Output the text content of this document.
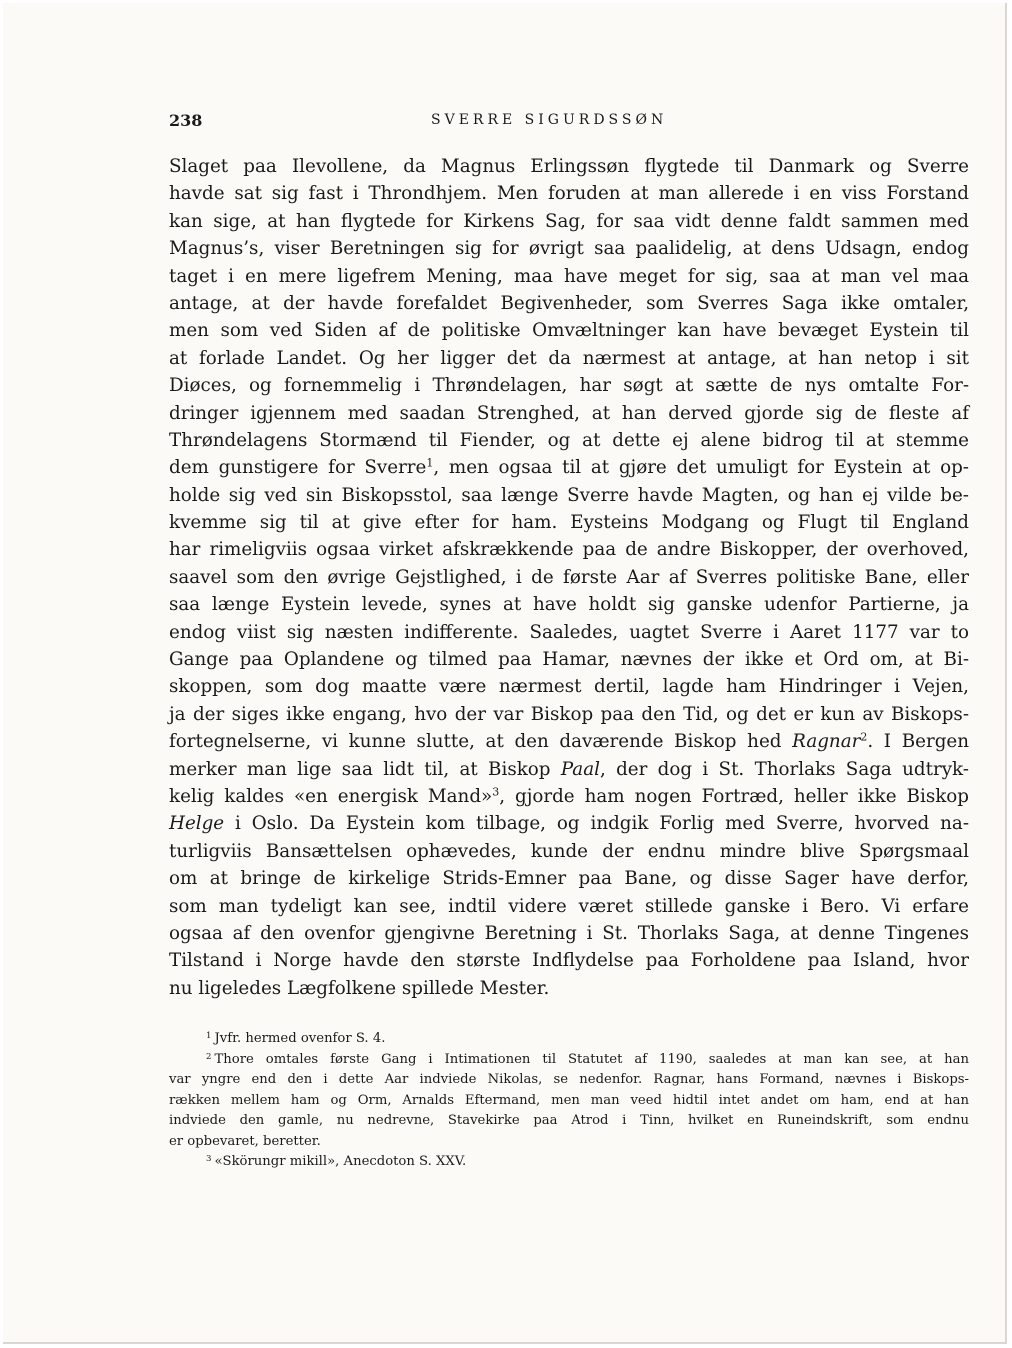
238	SVERRE SIGURDSSØN
Slaget paa Ilevollene, da Magnus Erlingssøn flygtede til Danmark og Sverre
havde sat sig fast i Throndhjem. Men foruden at man allerede i en viss Forstand
kan sige, at han flygtede for Kirkens Sag, for saa vidt denne faldt sammen med
Magnus’s, viser Beretningen sig for øvrigt saa paalidelig, at dens Udsagn, endog
taget i en mere ligefrem Mening, maa have meget for sig, saa at man vel maa
antage, at der havde forefaldet Begivenheder, som Sverres Saga ikke omtaler,
men som ved Siden af de politiske Omvæltninger kan have bevæget Eystein til
at forlade Landet. Og her ligger det da nærmest at antage, at han netop i sit
Diøces, og fornemmelig i Thrøndelagen, har søgt at sætte de nys omtalte For-
dringer igjennem med saadan Strenghed, at han derved gjorde sig de fleste af
Thrøndelagens Stormænd til Fiender, og at dette ej alene bidrog til at stemme
dem gunstigere for Sverre$^1$, men ogsaa til at gjøre det umuligt for Eystein at op-
holde sig ved sin Biskopsstol, saa længe Sverre havde Magten, og han ej vilde be-
kvemme sig til at give efter for ham. Eysteins Modgang og Flugt til England
har rimeligviis ogsaa virket afskrækkende paa de andre Biskopper, der overhoved,
saavel som den øvrige Gejstlighed, i de første Aar af Sverres politiske Bane, eller
saa længe Eystein levede, synes at have holdt sig ganske udenfor Partierne, ja
endog viist sig næsten indifferente. Saaledes, uagtet Sverre i Aaret 1177 var to
Gange paa Oplandene og tilmed paa Hamar, nævnes der ikke et Ord om, at Bi-
skoppen, som dog maatte være nærmest dertil, lagde ham Hindringer i Vejen,
ja der siges ikke engang, hvo der var Biskop paa den Tid, og det er kun av Biskops-
fortegnelserne, vi kunne slutte, at den daværende Biskop hed Ragnar$^2$. I Bergen
merker man lige saa lidt til, at Biskop Paal, der dog i St. Thorlaks Saga udtryk-
kelig kaldes «en energisk Mand»$^3$, gjorde ham nogen Fortræd, heller ikke Biskop
Helge i Oslo. Da Eystein kom tilbage, og indgik Forlig med Sverre, hvorved na-
turligviis Bansættelsen ophævedes, kunde der endnu mindre blive Spørgsmaal
om at bringe de kirkelige Strids-Emner paa Bane, og disse Sager have derfor,
som man tydeligt kan see, indtil videre været stillede ganske i Bero. Vi erfare
ogsaa af den ovenfor gjengivne Beretning i St. Thorlaks Saga, at denne Tingenes
Tilstand i Norge havde den største Indflydelse paa Forholdene paa Island, hvor
nu ligeledes Lægfolkene spillede Mester.
$^1$ Jvfr. hermed ovenfor S. 4.
$^2$ Thore omtales første Gang i Intimationen til Statutet af 1190, saaledes at man kan see, at han
var yngre end den i dette Aar indviede Nikolas, se nedenfor. Ragnar, hans Formand, nævnes i Biskops-
rækken mellem ham og Orm, Arnalds Eftermand, men man veed hidtil intet andet om ham, end at han
indviede den gamle, nu nedrevne, Stavekirke paa Atrod i Tinn, hvilket en Runeindskrift, som endnu
er opbevaret, beretter.
$^3$ «Skörungr mikill», Anecdoton S. XXV.
